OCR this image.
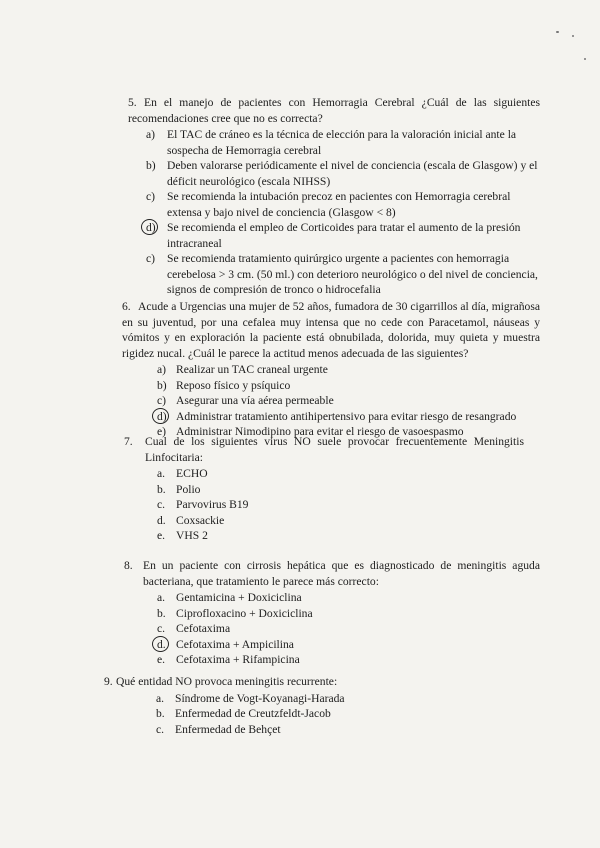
5. En el manejo de pacientes con Hemorragia Cerebral ¿Cuál de las siguientes recomendaciones cree que no es correcta?

a) El TAC de cráneo es la técnica de elección para la valoración inicial ante la sospecha de Hemorragia cerebral
b) Deben valorarse periódicamente el nivel de conciencia (escala de Glasgow) y el déficit neurológico (escala NIHSS)
c) Se recomienda la intubación precoz en pacientes con Hemorragia cerebral extensa y bajo nivel de conciencia (Glasgow < 8)
d) Se recomienda el empleo de Corticoides para tratar el aumento de la presión intracraneal
c) Se recomienda tratamiento quirúrgico urgente a pacientes con hemorragia cerebelosa > 3 cm. (50 ml.) con deterioro neurológico o del nivel de conciencia, signos de compresión de tronco o hidrocefalia
6. Acude a Urgencias una mujer de 52 años, fumadora de 30 cigarrillos al día, migrañosa en su juventud, por una cefalea muy intensa que no cede con Paracetamol, náuseas y vómitos y en exploración la paciente está obnubilada, dolorida, muy quieta y muestra rigidez nucal. ¿Cuál le parece la actitud menos adecuada de las siguientes?

a) Realizar un TAC craneal urgente
b) Reposo físico y psíquico
c) Asegurar una vía aérea permeable
d) Administrar tratamiento antihipertensivo para evitar riesgo de resangrado
e) Administrar Nimodipino para evitar el riesgo de vasoespasmo
7.	Cual de los siguientes virus NO suele provocar frecuentemente Meningitis Linfocitaria:

a. ECHO
b. Polio
c. Parvovirus B19
d. Coxsackie
e. VHS 2
8. En un paciente con cirrosis hepática que es diagnosticado de meningitis aguda bacteriana, que tratamiento le parece más correcto:

a. Gentamicina + Doxiciclina
b. Ciprofloxacino + Doxiciclina
c. Cefotaxima
d. Cefotaxima + Ampicilina
e. Cefotaxima + Rifampicina
9. Qué entidad NO provoca meningitis recurrente:

a. Síndrome de Vogt-Koyanagi-Harada
b. Enfermedad de Creutzfeldt-Jacob
c. Enfermedad de Behçet
